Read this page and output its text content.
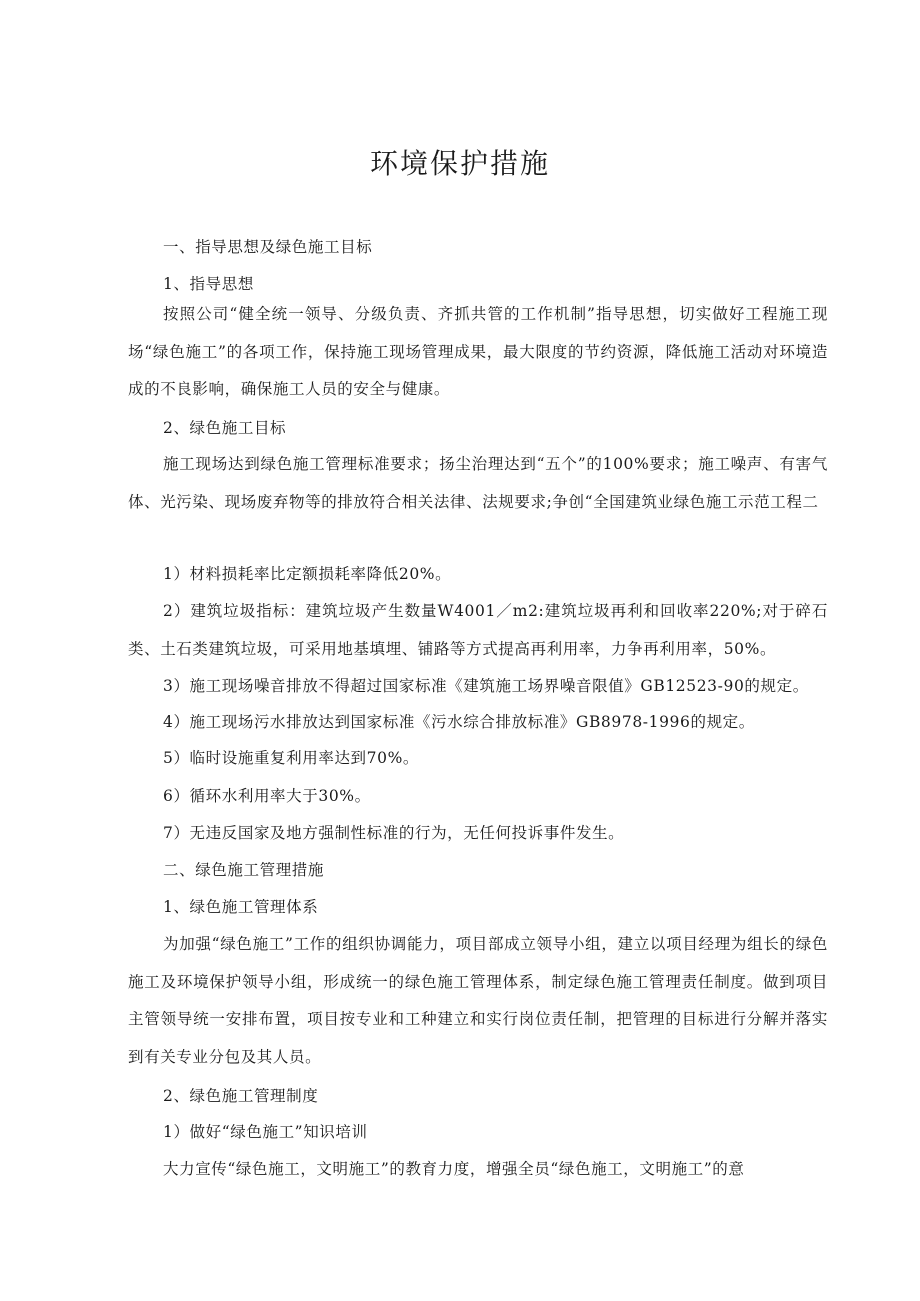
环境保护措施
一、指导思想及绿色施工目标
1、指导思想
按照公司“健全统一领导、分级负责、齐抓共管的工作机制”指导思想，切实做好工程施工现场“绿色施工”的各项工作，保持施工现场管理成果，最大限度的节约资源，降低施工活动对环境造成的不良影响，确保施工人员的安全与健康。
2、绿色施工目标
施工现场达到绿色施工管理标准要求；扬尘治理达到“五个”的100%要求；施工噪声、有害气体、光污染、现场废弃物等的排放符合相关法律、法规要求;争创“全国建筑业绿色施工示范工程二
1）材料损耗率比定额损耗率降低20%。
2）建筑垃圾指标：建筑垃圾产生数量W4001／m2:建筑垃圾再利和回收率220%;对于碎石类、土石类建筑垃圾，可采用地基填埋、铺路等方式提高再利用率，力争再利用率，50%。
3）施工现场噪音排放不得超过国家标准《建筑施工场界噪音限值》GB12523-90的规定。
4）施工现场污水排放达到国家标准《污水综合排放标准》GB8978-1996的规定。
5）临时设施重复利用率达到70%。
6）循环水利用率大于30%。
7）无违反国家及地方强制性标准的行为，无任何投诉事件发生。
二、绿色施工管理措施
1、绿色施工管理体系
为加强“绿色施工”工作的组织协调能力，项目部成立领导小组，建立以项目经理为组长的绿色施工及环境保护领导小组，形成统一的绿色施工管理体系，制定绿色施工管理责任制度。做到项目主管领导统一安排布置，项目按专业和工种建立和实行岗位责任制，把管理的目标进行分解并落实到有关专业分包及其人员。
2、绿色施工管理制度
1）做好“绿色施工”知识培训
大力宣传“绿色施工，文明施工”的教育力度，增强全员“绿色施工，文明施工”的意
